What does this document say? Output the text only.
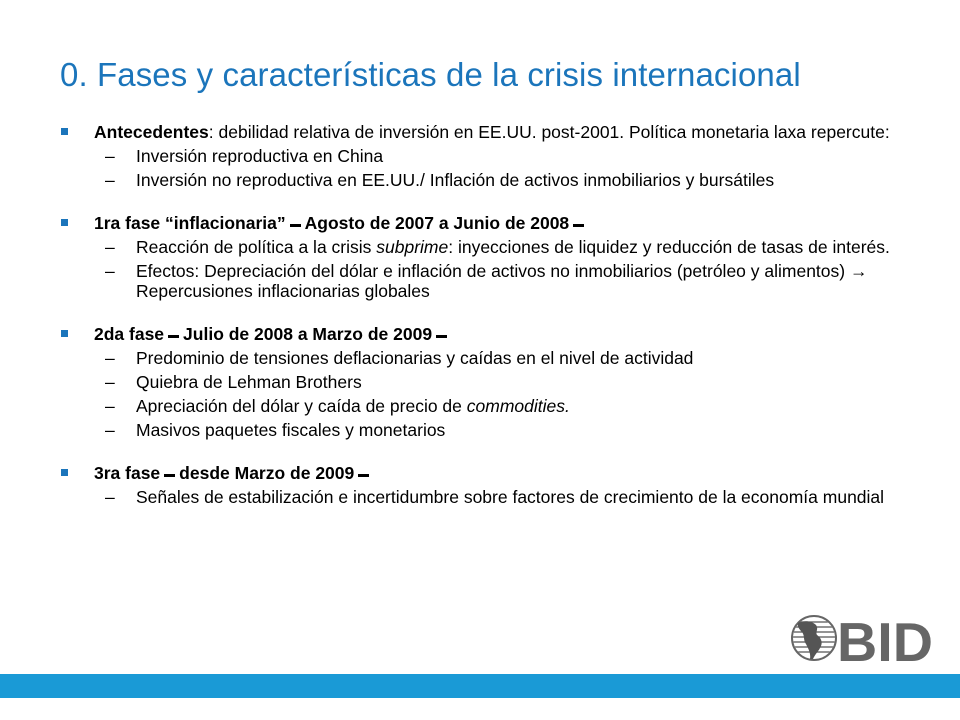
0. Fases y características de la crisis internacional
Antecedentes: debilidad relativa de inversión en EE.UU. post-2001. Política monetaria laxa repercute:
– Inversión reproductiva en China
– Inversión no reproductiva en EE.UU./ Inflación de activos inmobiliarios y bursátiles
1ra fase “inflacionaria” Agosto de 2007 a Junio de 2008
– Reacción de política a la crisis subprime: inyecciones de liquidez y reducción de tasas de interés.
– Efectos: Depreciación del dólar e inflación de activos no inmobiliarios (petróleo y alimentos) → Repercusiones inflacionarias globales
2da fase Julio de 2008 a Marzo de 2009
– Predominio de tensiones deflacionarias y caídas en el nivel de actividad
– Quiebra de Lehman Brothers
– Apreciación del dólar y caída de precio de commodities.
– Masivos paquetes fiscales y monetarios
3ra fase desde Marzo de 2009
– Señales de estabilización e incertidumbre sobre factores de crecimiento de la economía mundial
BID
